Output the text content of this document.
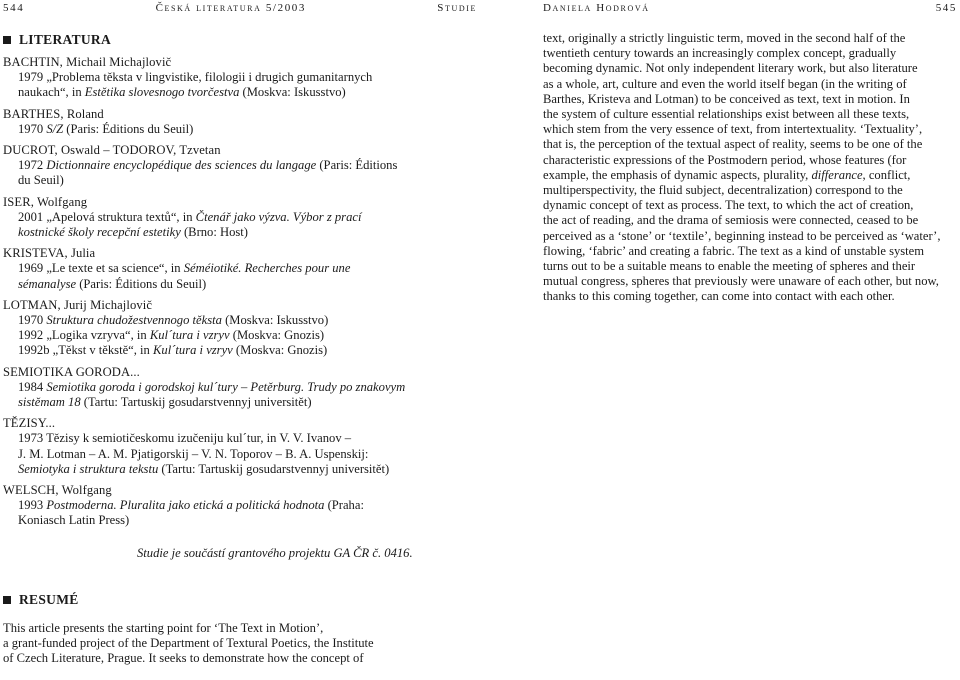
544	Česká literatura 5/2003	Studie	Daniela Hodrová	545
LITERATURA
BACHTIN, Michail Michajlovič
1979 „Problema těksta v lingvistike, filologii i drugich gumanitarnych
naukach“, in Estětika slovesnogo tvorčestva (Moskva: Iskusstvo)
BARTHES, Roland
1970 S/Z (Paris: Éditions du Seuil)
DUCROT, Oswald – TODOROV, Tzvetan
1972 Dictionnaire encyclopédique des sciences du langage (Paris: Éditions
du Seuil)
ISER, Wolfgang
2001 „Apelová struktura textů“, in Čtenář jako výzva. Výbor z prací
kostnické školy recepční estetiky (Brno: Host)
KRISTEVA, Julia
1969 „Le texte et sa science“, in Séméiotiké. Recherches pour une
sémanalyse (Paris: Éditions du Seuil)
LOTMAN, Jurij Michajlovič
1970 Struktura chudožestvennogo těksta (Moskva: Iskusstvo)
1992 „Logika vzryva“, in Kul´tura i vzryv (Moskva: Gnozis)
1992b „Těkst v těkstě“, in Kul´tura i vzryv (Moskva: Gnozis)
SEMIOTIKA GORODA...
1984 Semiotika goroda i gorodskoj kul´tury – Petěrburg. Trudy po znakovym
sistěmam 18 (Tartu: Tartuskij gosudarstvennyj universitět)
TĚZISY...
1973 Tězisy k semiotičeskomu izučeniju kul´tur, in V. V. Ivanov –
J. M. Lotman – A. M. Pjatigorskij – V. N. Toporov – B. A. Uspenskij:
Semiotyka i struktura tekstu (Tartu: Tartuskij gosudarstvennyj universitět)
WELSCH, Wolfgang
1993 Postmoderna. Pluralita jako etická a politická hodnota (Praha:
Koniasch Latin Press)
Studie je součástí grantového projektu GA ČR č. 0416.
RESUMÉ
This article presents the starting point for ‘The Text in Motion’,
a grant-funded project of the Department of Textural Poetics, the Institute
of Czech Literature, Prague. It seeks to demonstrate how the concept of
text, originally a strictly linguistic term, moved in the second half of the
twentieth century towards an increasingly complex concept, gradually
becoming dynamic. Not only independent literary work, but also literature
as a whole, art, culture and even the world itself began (in the writing of
Barthes, Kristeva and Lotman) to be conceived as text, text in motion. In
the system of culture essential relationships exist between all these texts,
which stem from the very essence of text, from intertextuality. ‘Textuality’,
that is, the perception of the textual aspect of reality, seems to be one of the
characteristic expressions of the Postmodern period, whose features (for
example, the emphasis of dynamic aspects, plurality, differance, conflict,
multiperspectivity, the fluid subject, decentralization) correspond to the
dynamic concept of text as process. The text, to which the act of creation,
the act of reading, and the drama of semiosis were connected, ceased to be
perceived as a ‘stone’ or ‘textile’, beginning instead to be perceived as ‘water’,
flowing, ‘fabric’ and creating a fabric. The text as a kind of unstable system
turns out to be a suitable means to enable the meeting of spheres and their
mutual congress, spheres that previously were unaware of each other, but now,
thanks to this coming together, can come into contact with each other.
